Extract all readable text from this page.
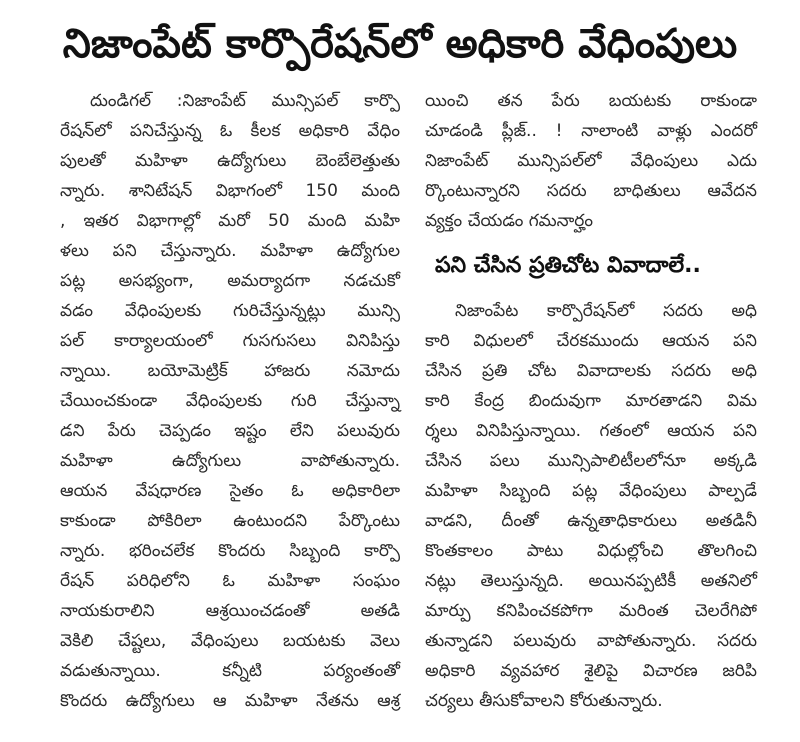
నిజాంపేట్ కార్పొరేషన్‌లో అధికారి వేధింపులు
దుండిగల్ :నిజాంపేట్ మున్సిపల్ కార్పొ
రేషన్‌లో పనిచేస్తున్న ఓ కీలక అధికారి వేధిం
పులతో మహిళా ఉద్యోగులు బెంబేలెత్తుతు
న్నారు. శానిటేషన్ విభాగంలో 150 మంది
, ఇతర విభాగాల్లో మరో 50 మంది మహి
ళలు పని చేస్తున్నారు. మహిళా ఉద్యోగుల
పట్ల అసభ్యంగా, అమర్యాదగా నడచుకో
వడం వేధింపులకు గురిచేస్తున్నట్లు మున్సి
పల్ కార్యాలయంలో గుసగుసలు వినిపిస్తు
న్నాయి. బయోమెట్రిక్ హాజరు నమోదు
చేయించకుండా వేధింపులకు గురి చేస్తున్నా
డని పేరు చెప్పడం ఇష్టం లేని పలువురు
మహిళా ఉద్యోగులు వాపోతున్నారు.
ఆయన వేషధారణ సైతం ఓ అధికారిలా
కాకుండా పోకిరిలా ఉంటుందని పేర్కొంటు
న్నారు. భరించలేక కొందరు సిబ్బంది కార్పొ
రేషన్ పరిధిలోని ఓ మహిళా సంఘం
నాయకురాలిని ఆశ్రయించడంతో అతడి
వెకిలి చేష్టలు, వేధింపులు బయటకు వెలు
వడుతున్నాయి. కన్నీటి పర్యంతంతో
కొందరు ఉద్యోగులు ఆ మహిళా నేతను ఆశ్ర
యించి తన పేరు బయటకు రాకుండా
చూడండి ప్లీజ్.. ! నాలాంటి వాళ్లు ఎందరో
నిజాంపేట్ మున్సిపల్‌లో వేధింపులు ఎదు
ర్కొంటున్నారని సదరు బాధితులు ఆవేదన
వ్యక్తం చేయడం గమనార్హం
పని చేసిన ప్రతిచోట వివాదాలే..
నిజాంపేట కార్పొరేషన్‌లో సదరు అధి
కారి విధులలో చేరకముందు ఆయన పని
చేసిన ప్రతి చోట వివాదాలకు సదరు అధి
కారి కేంద్ర బిందువుగా మారతాడని విమ
ర్శలు వినిపిస్తున్నాయి. గతంలో ఆయన పని
చేసిన పలు మున్సిపాలిటీలలోనూ అక్కడి
మహిళా సిబ్బంది పట్ల వేధింపులు పాల్పడే
వాడని, దీంతో ఉన్నతాధికారులు అతడినీ
కొంతకాలం పాటు విధుల్లోంచి తొలగించి
నట్లు తెలుస్తున్నది. అయినప్పటికీ అతనిలో
మార్పు కనిపించకపోగా మరింత చెలరేగిపో
తున్నాడని పలువురు వాపోతున్నారు. సదరు
అధికారి వ్యవహార శైలిపై విచారణ జరిపి
చర్యలు తీసుకోవాలని కోరుతున్నారు.
